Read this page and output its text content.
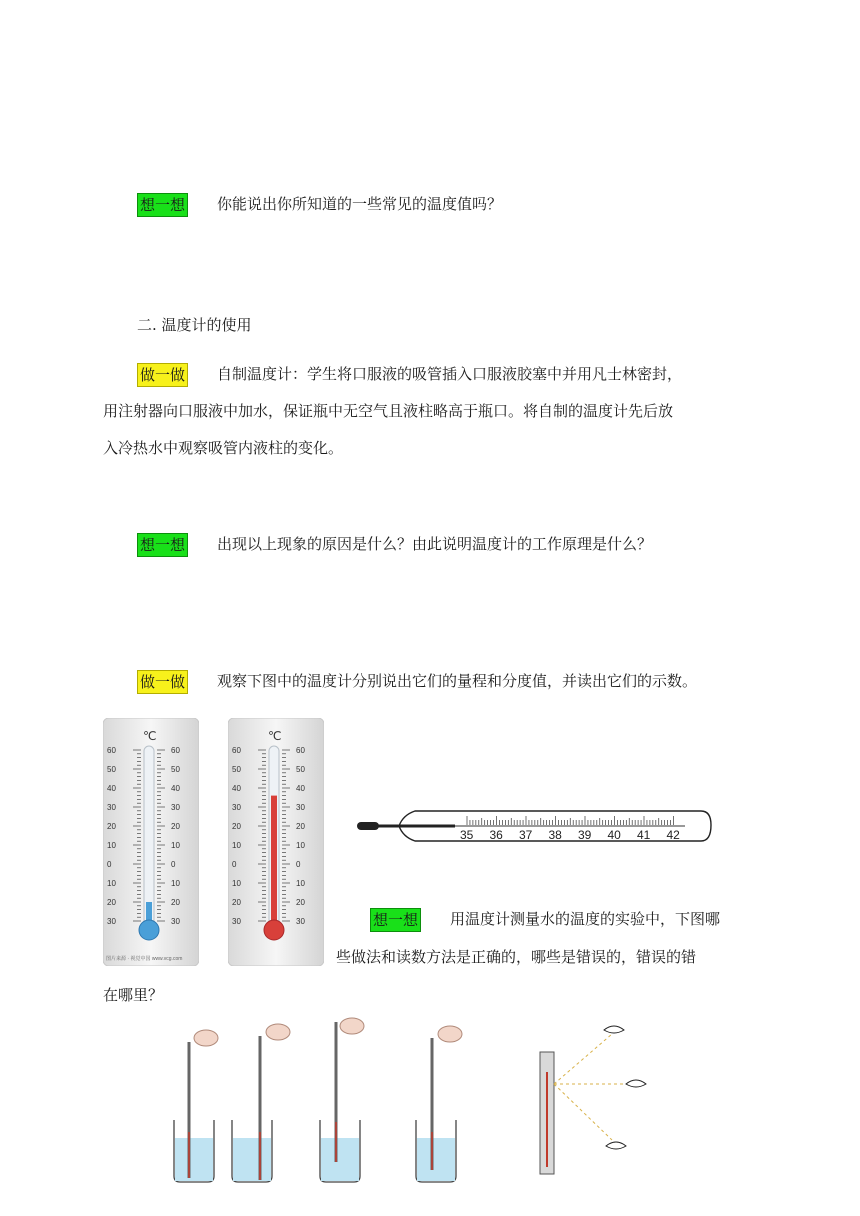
想一想 你能说出你所知道的一些常见的温度值吗？
二. 温度计的使用
做一做 自制温度计：学生将口服液的吸管插入口服液胶塞中并用凡士林密封，
用注射器向口服液中加水，保证瓶中无空气且液柱略高于瓶口。将自制的温度计先后放
入冷热水中观察吸管内液柱的变化。
想一想 出现以上现象的原因是什么？由此说明温度计的工作原理是什么？
做一做 观察下图中的温度计分别说出它们的量程和分度值，并读出它们的示数。
℃
60	60
50	50
40	40
30	30
20	20
10	10
0	0
10	10
20	20
30	30
图片来源 · 视觉中国 www.vcg.com
℃
60	60
50	50
40	40
30	30
20	20
10	10
0	0
10	10
20	20
30	30
35 36 37 38 39 40 41 42
想一想 用温度计测量水的温度的实验中，下图哪
些做法和读数方法是正确的，哪些是错误的，错误的错
在哪里？
